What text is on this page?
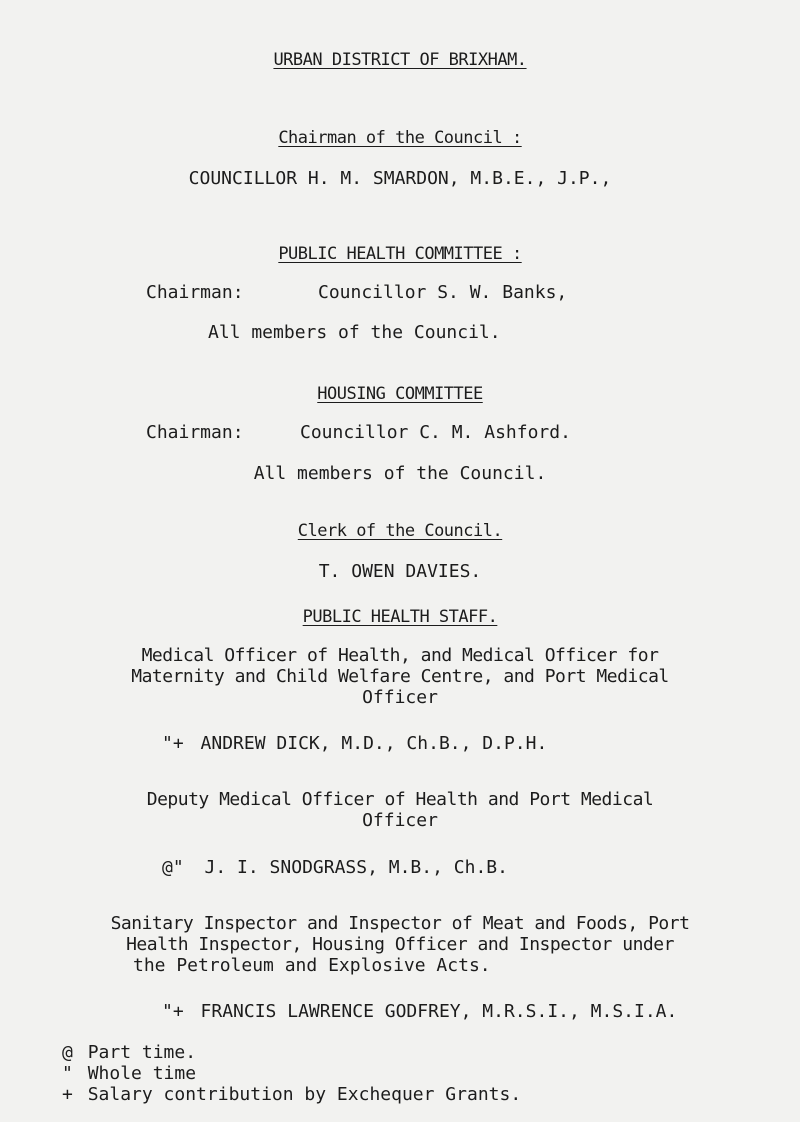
URBAN DISTRICT OF BRIXHAM.
Chairman of the Council :
COUNCILLOR H. M. SMARDON, M.B.E., J.P.,
PUBLIC HEALTH COMMITTEE :
Chairman:	Councillor S. W. Banks,
All members of the Council.
HOUSING COMMITTEE
Chairman:	Councillor C. M. Ashford.
All members of the Council.
Clerk of the Council.
T. OWEN DAVIES.
PUBLIC HEALTH STAFF.
Medical Officer of Health, and Medical Officer for
Maternity and Child Welfare Centre, and Port Medical
Officer
"+ ANDREW DICK, M.D., Ch.B., D.P.H.
Deputy Medical Officer of Health and Port Medical
Officer
@" J. I. SNODGRASS, M.B., Ch.B.
Sanitary Inspector and Inspector of Meat and Foods, Port
Health Inspector, Housing Officer and Inspector under
the Petroleum and Explosive Acts.
"+ FRANCIS LAWRENCE GODFREY, M.R.S.I., M.S.I.A.
@ Part time.
" Whole time
+ Salary contribution by Exchequer Grants.
